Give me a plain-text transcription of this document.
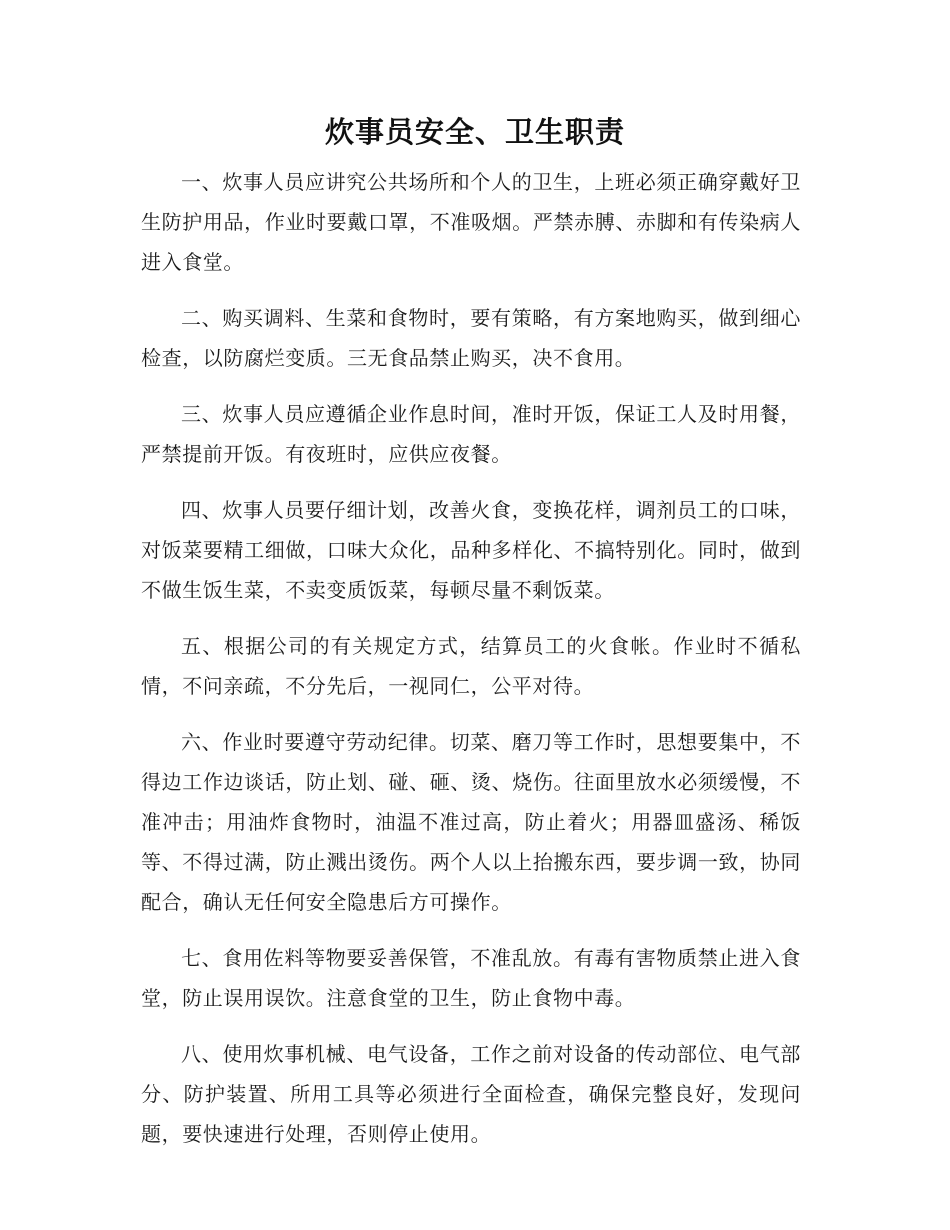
炊事员安全、卫生职责

一、炊事人员应讲究公共场所和个人的卫生，上班必须正确穿戴好卫生防护用品，作业时要戴口罩，不准吸烟。严禁赤膊、赤脚和有传染病人进入食堂。

二、购买调料、生菜和食物时，要有策略，有方案地购买，做到细心检查，以防腐烂变质。三无食品禁止购买，决不食用。

三、炊事人员应遵循企业作息时间，准时开饭，保证工人及时用餐，严禁提前开饭。有夜班时，应供应夜餐。

四、炊事人员要仔细计划，改善火食，变换花样，调剂员工的口味，对饭菜要精工细做，口味大众化，品种多样化、不搞特别化。同时，做到不做生饭生菜，不卖变质饭菜，每顿尽量不剩饭菜。

五、根据公司的有关规定方式，结算员工的火食帐。作业时不循私情，不问亲疏，不分先后，一视同仁，公平对待。

六、作业时要遵守劳动纪律。切菜、磨刀等工作时，思想要集中，不得边工作边谈话，防止划、碰、砸、烫、烧伤。往面里放水必须缓慢，不准冲击；用油炸食物时，油温不准过高，防止着火；用器皿盛汤、稀饭等、不得过满，防止溅出烫伤。两个人以上抬搬东西，要步调一致，协同配合，确认无任何安全隐患后方可操作。

七、食用佐料等物要妥善保管，不准乱放。有毒有害物质禁止进入食堂，防止误用误饮。注意食堂的卫生，防止食物中毒。

八、使用炊事机械、电气设备，工作之前对设备的传动部位、电气部分、防护装置、所用工具等必须进行全面检查，确保完整良好，发现问题，要快速进行处理，否则停止使用。
